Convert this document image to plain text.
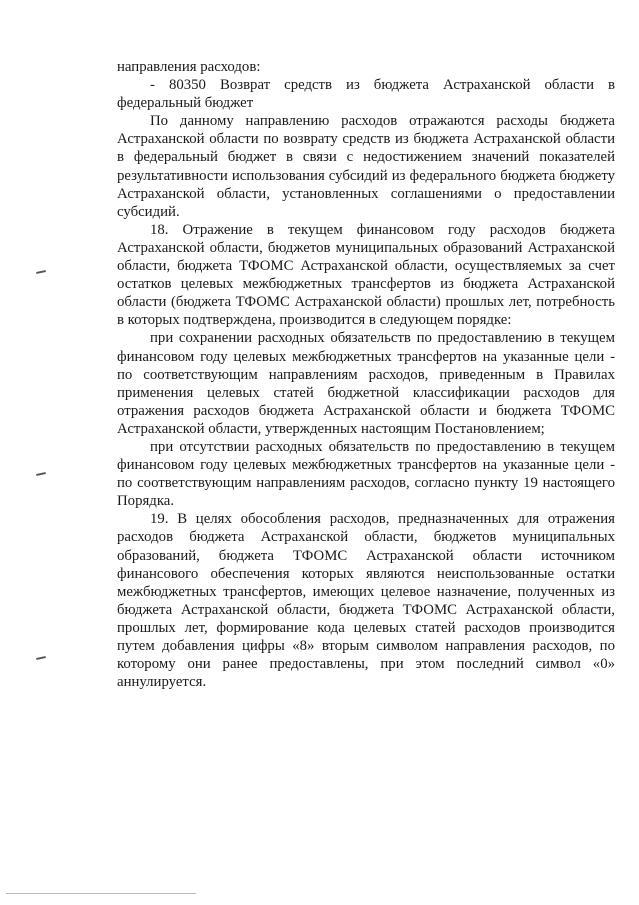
направления расходов:

- 80350 Возврат средств из бюджета Астраханской области в федеральный бюджет

По данному направлению расходов отражаются расходы бюджета Астраханской области по возврату средств из бюджета Астраханской области в федеральный бюджет в связи с недостижением значений показателей результативности использования субсидий из федерального бюджета бюджету Астраханской области, установленных соглашениями о предоставлении субсидий.

18. Отражение в текущем финансовом году расходов бюджета Астраханской области, бюджетов муниципальных образований Астраханской области, бюджета ТФОМС Астраханской области, осуществляемых за счет остатков целевых межбюджетных трансфертов из бюджета Астраханской области (бюджета ТФОМС Астраханской области) прошлых лет, потребность в которых подтверждена, производится в следующем порядке:

при сохранении расходных обязательств по предоставлению в текущем финансовом году целевых межбюджетных трансфертов на указанные цели - по соответствующим направлениям расходов, приведенным в Правилах применения целевых статей бюджетной классификации расходов для отражения расходов бюджета Астраханской области и бюджета ТФОМС Астраханской области, утвержденных настоящим Постановлением;

при отсутствии расходных обязательств по предоставлению в текущем финансовом году целевых межбюджетных трансфертов на указанные цели - по соответствующим направлениям расходов, согласно пункту 19 настоящего Порядка.

19. В целях обособления расходов, предназначенных для отражения расходов бюджета Астраханской области, бюджетов муниципальных образований, бюджета ТФОМС Астраханской области источником финансового обеспечения которых являются неиспользованные остатки межбюджетных трансфертов, имеющих целевое назначение, полученных из бюджета Астраханской области, бюджета ТФОМС Астраханской области, прошлых лет, формирование кода целевых статей расходов производится путем добавления цифры «8» вторым символом направления расходов, по которому они ранее предоставлены, при этом последний символ «0» аннулируется.
